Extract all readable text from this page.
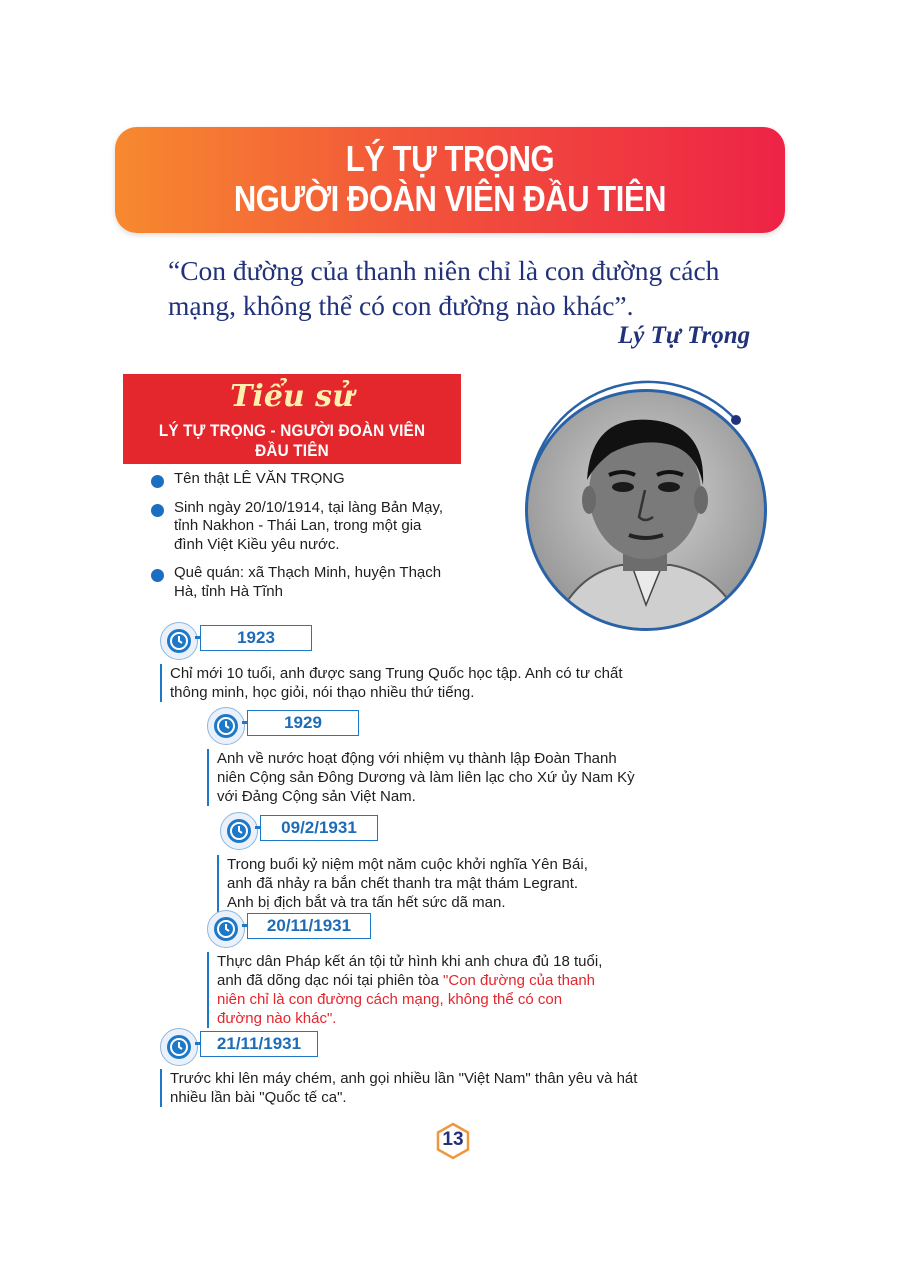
LÝ TỰ TRỌNG
NGƯỜI ĐOÀN VIÊN ĐẦU TIÊN
“Con đường của thanh niên chỉ là con đường cách mạng, không thể có con đường nào khác”.
Lý Tự Trọng
Tiểu sử
LÝ TỰ TRỌNG - NGƯỜI ĐOÀN VIÊN ĐẦU TIÊN
Tên thật LÊ VĂN TRỌNG
Sinh ngày 20/10/1914, tại làng Bản Mạy, tỉnh Nakhon - Thái Lan, trong một gia đình Việt Kiều yêu nước.
Quê quán: xã Thạch Minh, huyện Thạch Hà, tỉnh Hà Tĩnh
1923
Chỉ mới 10 tuổi, anh được sang Trung Quốc học tập. Anh có tư chất thông minh, học giỏi, nói thạo nhiều thứ tiếng.
1929
Anh về nước hoạt động với nhiệm vụ thành lập Đoàn Thanh niên Cộng sản Đông Dương và làm liên lạc cho Xứ ủy Nam Kỳ với Đảng Cộng sản Việt Nam.
09/2/1931
Trong buổi kỷ niệm một năm cuộc khởi nghĩa Yên Bái, anh đã nhảy ra bắn chết thanh tra mật thám Legrant. Anh bị địch bắt và tra tấn hết sức dã man.
20/11/1931
Thực dân Pháp kết án tội tử hình khi anh chưa đủ 18 tuổi, anh đã dõng dạc nói tại phiên tòa "Con đường của thanh niên chỉ là con đường cách mạng, không thể có con đường nào khác".
21/11/1931
Trước khi lên máy chém, anh gọi nhiều lần "Việt Nam" thân yêu và hát nhiều lần bài "Quốc tế ca".
13
